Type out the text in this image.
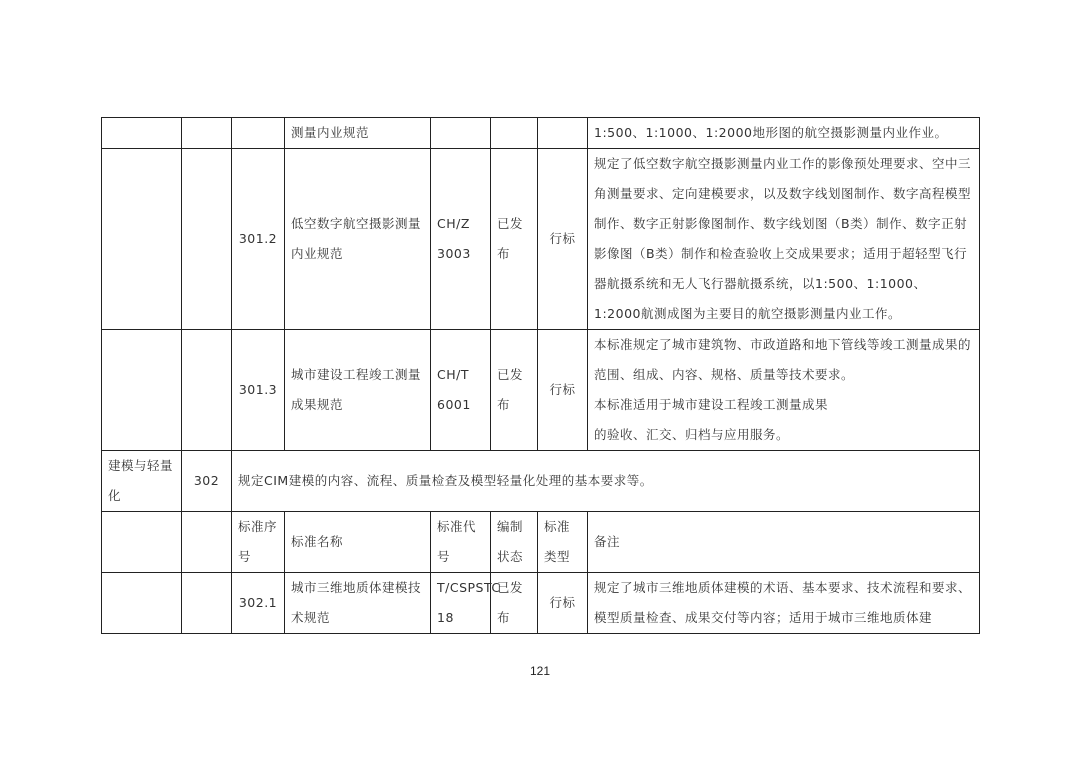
			测量内业规范				1:500、1:1000、1:2000地形图的航空摄影测量内业作业。
		301.2	低空数字航空摄影测量内业规范	CH/Z 3003	已发布	行标	规定了低空数字航空摄影测量内业工作的影像预处理要求、空中三角测量要求、定向建模要求，以及数字线划图制作、数字高程模型制作、数字正射影像图制作、数字线划图（B类）制作、数字正射影像图（B类）制作和检查验收上交成果要求；适用于超轻型飞行器航摄系统和无人飞行器航摄系统，以1:500、1:1000、1:2000航测成图为主要目的航空摄影测量内业工作。
		301.3	城市建设工程竣工测量成果规范	CH/T 6001	已发布	行标	本标准规定了城市建筑物、市政道路和地下管线等竣工测量成果的范围、组成、内容、规格、质量等技术要求。
本标准适用于城市建设工程竣工测量成果
的验收、汇交、归档与应用服务。

建模与轻量化	302	规定CIM建模的内容、流程、质量检查及模型轻量化处理的基本要求等。					
		标准序号	标准名称	标准代号	编制状态	标准类型	备注
		302.1	城市三维地质体建模技术规范	T/CSPSTC 18	已发布	行标	规定了城市三维地质体建模的术语、基本要求、技术流程和要求、模型质量检查、成果交付等内容；适用于城市三维地质体建
121
